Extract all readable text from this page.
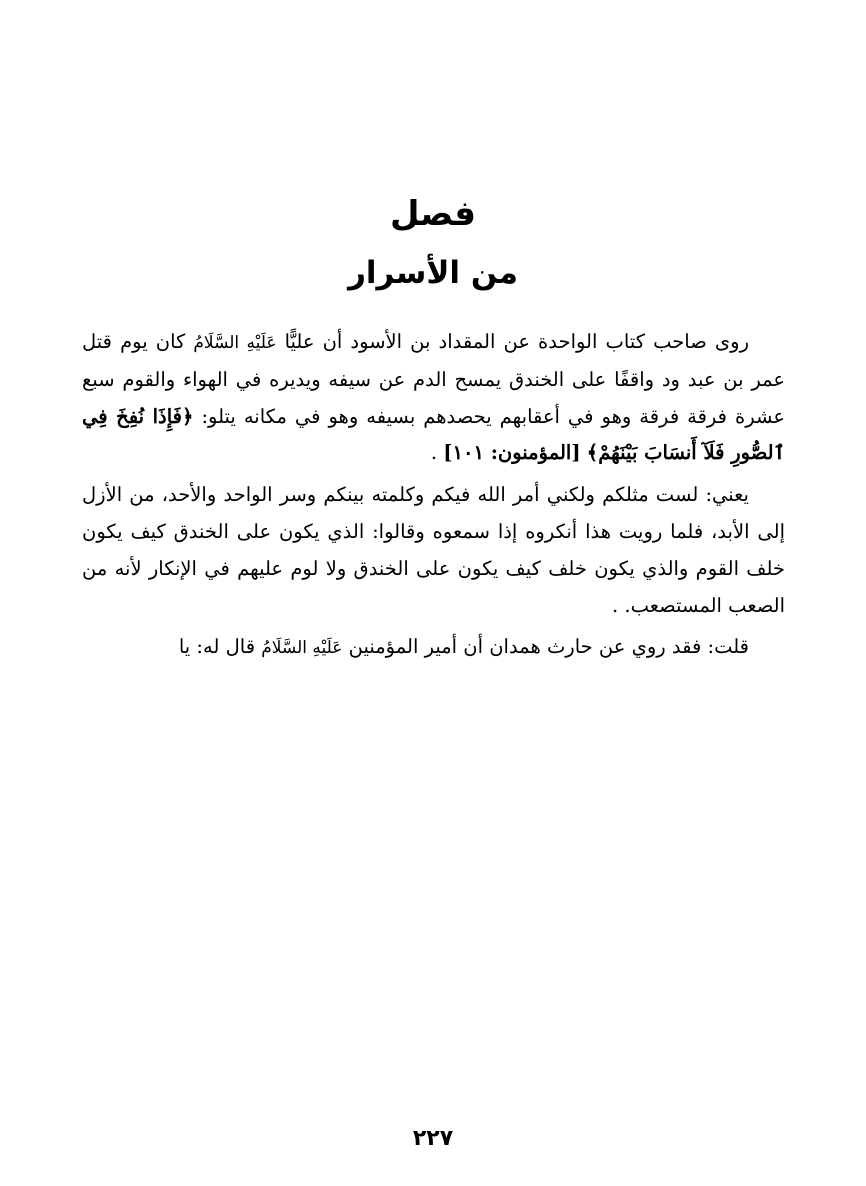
فصل
من الأسرار

روى صاحب كتاب الواحدة عن المقداد بن الأسود أن عليًّا عَلَيْهِ السَّلَامُ كان يوم قتل عمر بن عبد ود واقفًا على الخندق يمسح الدم عن سيفه ويديره في الهواء والقوم سبع عشرة فرقة فرقة وهو في أعقابهم يحصدهم بسيفه وهو في مكانه يتلو: ﴿فَإِذَا نُفِخَ فِي ٱلصُّورِ فَلَآ أَنسَابَ بَيْنَهُمْ﴾ [المؤمنون: ١٠١] .

يعني: لست مثلكم ولكني أمر الله فيكم وكلمته بينكم وسر الواحد والأحد، من الأزل إلى الأبد، فلما رويت هذا أنكروه إذا سمعوه وقالوا: الذي يكون على الخندق كيف يكون خلف القوم والذي يكون خلف كيف يكون على الخندق ولا لوم عليهم في الإنكار لأنه من الصعب المستصعب. .

قلت: فقد روي عن حارث همدان أن أمير المؤمنين عَلَيْهِ السَّلَامُ قال له: يا

٢٢٧
